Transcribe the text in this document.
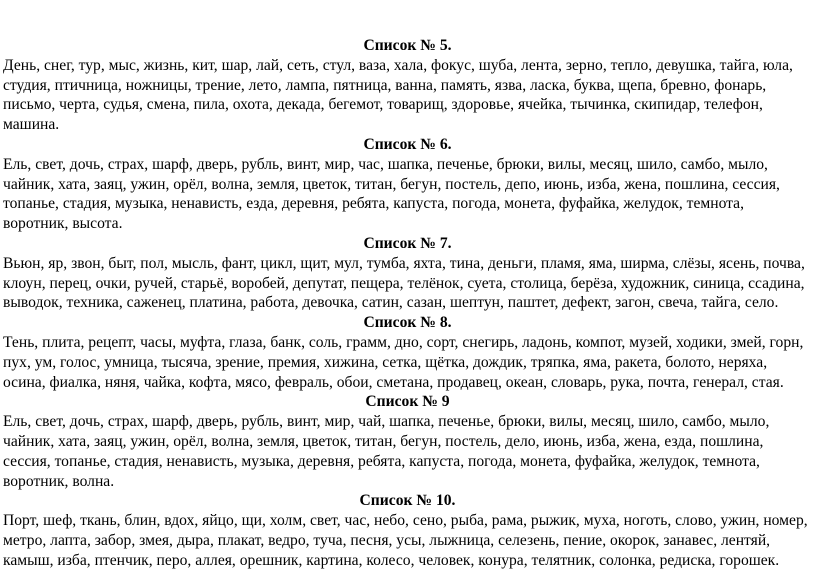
Список № 5.

День, снег, тур, мыс, жизнь, кит, шар, лай, сеть, стул, ваза, хала, фокус, шуба, лента, зерно, тепло, девушка, тайга, юла,

студия, птичница, ножницы, трение, лето, лампа, пятница, ванна, память, язва, ласка, буква, щепа, бревно, фонарь,

письмо, черта, судья, смена, пила, охота, декада, бегемот, товарищ, здоровье, ячейка, тычинка, скипидар, телефон,

машина.

Список № 6.

Ель, свет, дочь, страх, шарф, дверь, рубль, винт, мир, час, шапка, печенье, брюки, вилы, месяц, шило, самбо, мыло,

чайник, хата, заяц, ужин, орёл, волна, земля, цветок, титан, бегун, постель, депо, июнь, изба, жена, пошлина, сессия,

топанье, стадия, музыка, ненависть, езда, деревня, ребята, капуста, погода, монета, фуфайка, желудок, темнота,

воротник, высота.

Список № 7.

Вьюн, яр, звон, быт, пол, мысль, фант, цикл, щит, мул, тумба, яхта, тина, деньги, пламя, яма, ширма, слёзы, ясень, почва,

клоун, перец, очки, ручей, старьё, воробей, депутат, пещера, телёнок, суета, столица, берёза, художник, синица, ссадина,

выводок, техника, саженец, платина, работа, девочка, сатин, сазан, шептун, паштет, дефект, загон, свеча, тайга, село.

Список № 8.

Тень, плита, рецепт, часы, муфта, глаза, банк, соль, грамм, дно, сорт, снегирь, ладонь, компот, музей, ходики, змей, горн,

пух, ум, голос, умница, тысяча, зрение, премия, хижина, сетка, щётка, дождик, тряпка, яма, ракета, болото, неряха,

осина, фиалка, няня, чайка, кофта, мясо, февраль, обои, сметана, продавец, океан, словарь, рука, почта, генерал, стая.

Список № 9

Ель, свет, дочь, страх, шарф, дверь, рубль, винт, мир, чай, шапка, печенье, брюки, вилы, месяц, шило, самбо, мыло,

чайник, хата, заяц, ужин, орёл, волна, земля, цветок, титан, бегун, постель, дело, июнь, изба, жена, езда, пошлина,

сессия, топанье, стадия, ненависть, музыка, деревня, ребята, капуста, погода, монета, фуфайка, желудок, темнота,

воротник, волна.

Список № 10.

Порт, шеф, ткань, блин, вдох, яйцо, щи, холм, свет, час, небо, сено, рыба, рама, рыжик, муха, ноготь, слово, ужин, номер,

метро, лапта, забор, змея, дыра, плакат, ведро, туча, песня, усы, лыжница, селезень, пение, окорок, занавес, лентяй,

камыш, изба, птенчик, перо, аллея, орешник, картина, колесо, человек, конура, телятник, солонка, редиска, горошек.
